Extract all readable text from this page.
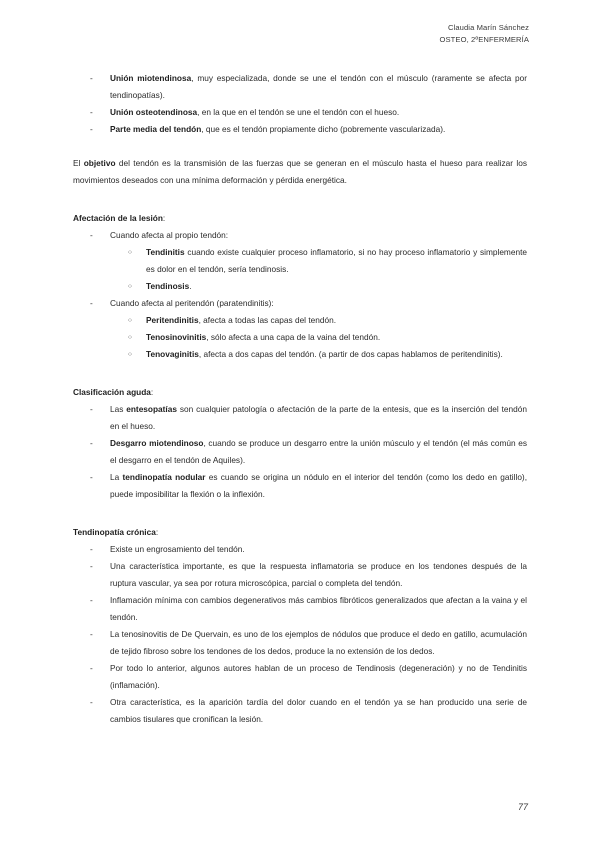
Claudia Marín Sánchez
OSTEO, 2ºENFERMERÍA
- Unión miotendinosa, muy especializada, donde se une el tendón con el músculo (raramente se afecta por tendinopatías).
- Unión osteotendinosa, en la que en el tendón se une el tendón con el hueso.
- Parte media del tendón, que es el tendón propiamente dicho (pobremente vascularizada).

El objetivo del tendón es la transmisión de las fuerzas que se generan en el músculo hasta el hueso para realizar los movimientos deseados con una mínima deformación y pérdida energética.

Afectación de la lesión:

- Cuando afecta al propio tendón:
○ Tendinitis cuando existe cualquier proceso inflamatorio, si no hay proceso inflamatorio y simplemente es dolor en el tendón, sería tendinosis.
○ Tendinosis.
- Cuando afecta al peritendón (paratendinitis):
○ Peritendinitis, afecta a todas las capas del tendón.
○ Tenosinovinitis, sólo afecta a una capa de la vaina del tendón.
○ Tenovaginitis, afecta a dos capas del tendón. (a partir de dos capas hablamos de peritendinitis).

Clasificación aguda:

- Las entesopatías son cualquier patología o afectación de la parte de la entesis, que es la inserción del tendón en el hueso.
- Desgarro miotendinoso, cuando se produce un desgarro entre la unión músculo y el tendón (el más común es el desgarro en el tendón de Aquiles).
- La tendinopatía nodular es cuando se origina un nódulo en el interior del tendón (como los dedo en gatillo), puede imposibilitar la flexión o la inflexión.

Tendinopatía crónica:

- Existe un engrosamiento del tendón.
- Una característica importante, es que la respuesta inflamatoria se produce en los tendones después de la ruptura vascular, ya sea por rotura microscópica, parcial o completa del tendón.
- Inflamación mínima con cambios degenerativos más cambios fibróticos generalizados que afectan a la vaina y el tendón.
- La tenosinovitis de De Quervain, es uno de los ejemplos de nódulos que produce el dedo en gatillo, acumulación de tejido fibroso sobre los tendones de los dedos, produce la no extensión de los dedos.
- Por todo lo anterior, algunos autores hablan de un proceso de Tendinosis (degeneración) y no de Tendinitis (inflamación).
- Otra característica, es la aparición tardía del dolor cuando en el tendón ya se han producido una serie de cambios tisulares que cronifican la lesión.
77
